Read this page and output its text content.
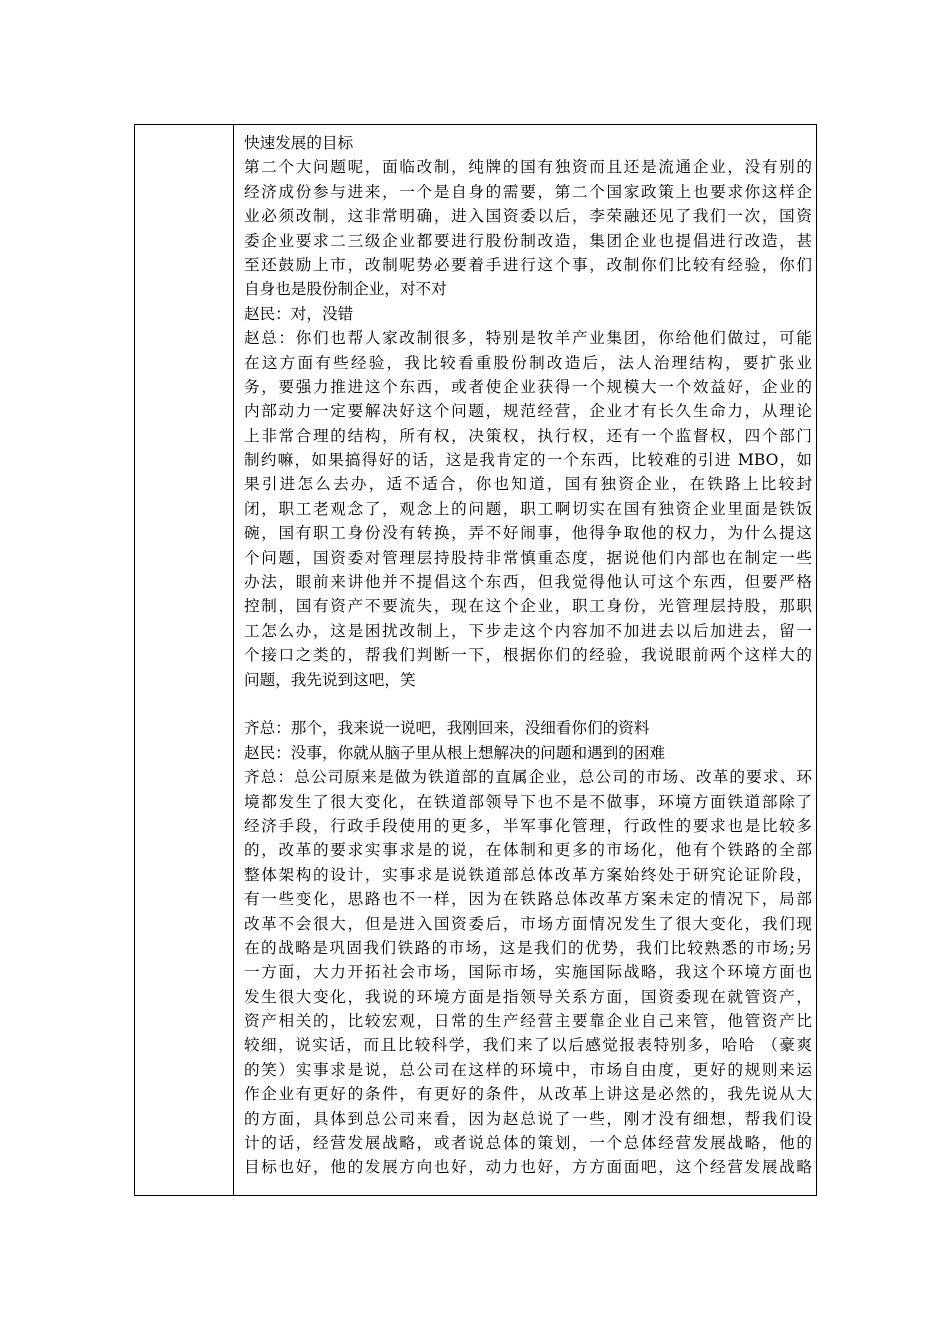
快速发展的目标
第二个大问题呢，面临改制，纯牌的国有独资而且还是流通企业，没有别的
经济成份参与进来，一个是自身的需要，第二个国家政策上也要求你这样企
业必须改制，这非常明确，进入国资委以后，李荣融还见了我们一次，国资
委企业要求二三级企业都要进行股份制改造，集团企业也提倡进行改造，甚
至还鼓励上市，改制呢势必要着手进行这个事，改制你们比较有经验，你们
自身也是股份制企业，对不对
赵民：对，没错
赵总：你们也帮人家改制很多，特别是牧羊产业集团，你给他们做过，可能
在这方面有些经验，我比较看重股份制改造后，法人治理结构，要扩张业
务，要强力推进这个东西，或者使企业获得一个规模大一个效益好，企业的
内部动力一定要解决好这个问题，规范经营，企业才有长久生命力，从理论
上非常合理的结构，所有权，决策权，执行权，还有一个监督权，四个部门
制约嘛，如果搞得好的话，这是我肯定的一个东西，比较难的引进 MBO，如
果引进怎么去办，适不适合，你也知道，国有独资企业，在铁路上比较封
闭，职工老观念了，观念上的问题，职工啊切实在国有独资企业里面是铁饭
碗，国有职工身份没有转换，弄不好闹事，他得争取他的权力，为什么提这
个问题，国资委对管理层持股持非常慎重态度，据说他们内部也在制定一些
办法，眼前来讲他并不提倡这个东西，但我觉得他认可这个东西，但要严格
控制，国有资产不要流失，现在这个企业，职工身份，光管理层持股，那职
工怎么办，这是困扰改制上，下步走这个内容加不加进去以后加进去，留一
个接口之类的，帮我们判断一下，根据你们的经验，我说眼前两个这样大的
问题，我先说到这吧，笑
齐总：那个，我来说一说吧，我刚回来，没细看你们的资料
赵民：没事，你就从脑子里从根上想解决的问题和遇到的困难
齐总：总公司原来是做为铁道部的直属企业，总公司的市场、改革的要求、环
境都发生了很大变化，在铁道部领导下也不是不做事，环境方面铁道部除了
经济手段，行政手段使用的更多，半军事化管理，行政性的要求也是比较多
的，改革的要求实事求是的说，在体制和更多的市场化，他有个铁路的全部
整体架构的设计，实事求是说铁道部总体改革方案始终处于研究论证阶段，
有一些变化，思路也不一样，因为在铁路总体改革方案未定的情况下，局部
改革不会很大，但是进入国资委后，市场方面情况发生了很大变化，我们现
在的战略是巩固我们铁路的市场，这是我们的优势，我们比较熟悉的市场;另
一方面，大力开拓社会市场，国际市场，实施国际战略，我这个环境方面也
发生很大变化，我说的环境方面是指领导关系方面，国资委现在就管资产，
资产相关的，比较宏观，日常的生产经营主要靠企业自己来管，他管资产比
较细，说实话，而且比较科学，我们来了以后感觉报表特别多，哈哈 （豪爽
的笑）实事求是说，总公司在这样的环境中，市场自由度，更好的规则来运
作企业有更好的条件，有更好的条件，从改革上讲这是必然的，我先说从大
的方面，具体到总公司来看，因为赵总说了一些，刚才没有细想，帮我们设
计的话，经营发展战略，或者说总体的策划，一个总体经营发展战略，他的
目标也好，他的发展方向也好，动力也好，方方面面吧，这个经营发展战略
